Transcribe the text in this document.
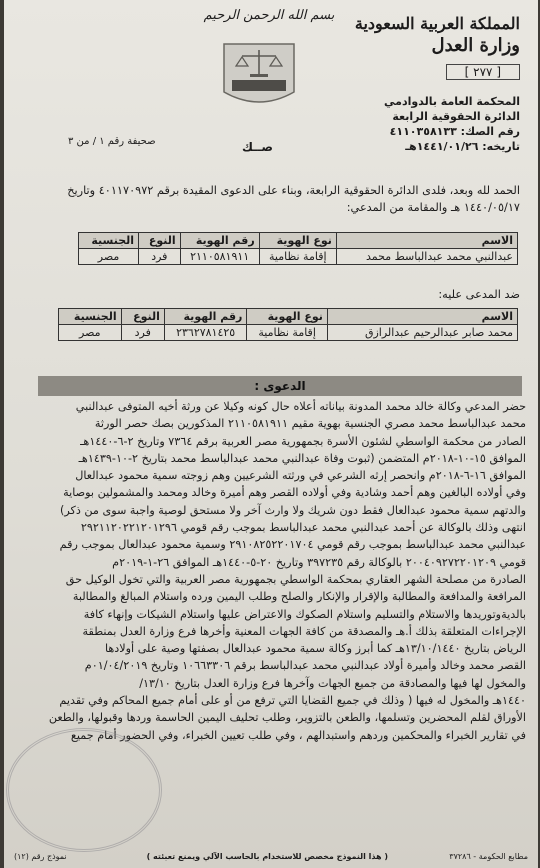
بسم الله الرحمن الرحيم	المملكة العربية السعودية
وزارة العدل
[ ٢٧٧ ]
المحكمة العامة بالدوادمي
الدائرة الحقوقية الرابعة
رقم الصك: ٤١١٠٣٥٨١٣٣
تاريخه: ١٤٤١/٠١/٢٦هـ
صــك
صحيفة رقم ١ / من ٣
الحمد لله وبعد، فلدى الدائرة الحقوقية الرابعة، وبناء على الدعوى المقيدة برقم ٤٠١١٧٠٩٧٢ وتاريخ
١٤٤٠/٠٥/١٧ هـ والمقامة من المدعي:
الاسم	نوع الهوية	رقم الهوية	النوع	الجنسية
عبدالنبي محمد عبدالباسط محمد	إقامة نظامية	٢١١٠٥٨١٩١١	فرد	مصر
ضد المدعى عليه:
الاسم	نوع الهوية	رقم الهوية	النوع	الجنسية
محمد صابر عبدالرحيم عبدالرازق	إقامة نظامية	٢٣٦٢٧٨١٤٢٥	فرد	مصر
الدعوى :

حضر المدعي وكالة خالد محمد المدونة بياناته أعلاه حال كونه وكيلا عن ورثة أخيه المتوفى عبدالنبي

محمد عبدالباسط محمد مصري الجنسية بهوية مقيم ٢١١٠٥٨١٩١١ المذكورين بصك حصر الورثة

الصادر من محكمة الواسطي لشئون الأسرة بجمهورية مصر العربية برقم ٧٣٦٤ وتاريخ ٢-٦-١٤٤٠هـ

الموافق ١٥-١٠-٢٠١٨م المتضمن (ثبوت وفاة عبدالنبي محمد عبدالباسط محمد بتاريخ ٢-١٠-١٤٣٩هـ

الموافق ١٦-٦-٢٠١٨م وانحصر إرثه الشرعي في ورثته الشرعيين وهم زوجته سمية محمود عبدالعال

وفي أولاده البالغين وهم أحمد وشادية وفي أولاده القصر وهم أميرة وخالد ومحمد والمشمولين بوصاية

والدتهم سمية محمود عبدالعال فقط دون شريك ولا وارث آخر ولا مستحق لوصية واجبة سوى من ذكر)

انتهى وذلك بالوكالة عن أحمد عبدالنبي محمد عبدالباسط بموجب رقم قومي ٢٩٢١١٢٠٢٢١٢٠١٢٩٦

عبدالنبي محمد عبدالباسط بموجب رقم قومي ٢٩١٠٨٢٥٢٢٠١٧٠٤ وسمية محمود عبدالعال بموجب رقم

قومي ٢٠٠٤٠٩٢٧٢٢٠١٢٠٩ بالوكالة رقم ٣٩٧٢٣٥ وتاريخ ٢٠-٥-١٤٤٠هـ الموافق ٢٦-١-٢٠١٩م

الصادرة من مصلحة الشهر العقاري بمحكمة الواسطي بجمهورية مصر العربية والتي تخول الوكيل حق

المرافعة والمدافعة والمطالبة والإقرار والإنكار والصلح وطلب اليمين ورده واستلام المبالغ والمطالبة

بالديةوتوريدها والاستلام والتسليم واستلام الصكوك والاعتراض عليها واستلام الشيكات وإنهاء كافة

الإجراءات المتعلقة بذلك أ.هـ والمصدقة من كافة الجهات المعنية وأخرها فرع وزارة العدل بمنطقة

الرياض بتاريخ ١٣/١٠/١٤٤٠هـ كما أبرز وكالة سمية محمود عبدالعال بصفتها وصية على أولادها

القصر محمد وخالد وأميرة أولاد عبدالنبي محمد عبدالباسط برقم ١٠٦٦٣٣٠٦ وتاريخ ٠١/٠٤/٢٠١٩م

والمخول لها فيها والمصادقة من جميع الجهات وآخرها فرع وزارة العدل بتاريخ ١٣/١٠/

١٤٤٠هـ والمخول له فيها ( وذلك في جميع القضايا التي ترفع من أو على أمام جميع المحاكم وفي تقديم

الأوراق لقلم المحضرين وتسلمها، والطعن بالتزوير، وطلب تحليف اليمين الحاسمة وردها وقبولها، والطعن

في تقارير الخبراء والمحكمين وردهم واستبدالهم ، وفي طلب تعيين الخبراء، وفي الحضور أمام جميع

مطابع الحكومة - ٣٧٢٨٦
( هذا النموذج مخصص للاستخدام بالحاسب الآلي ويمنع تعبئته )
نموذج رقم (١٢)
